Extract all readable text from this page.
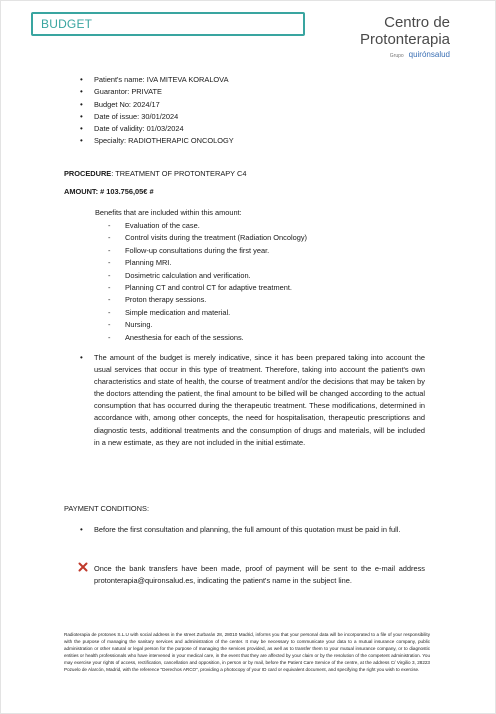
BUDGET	Centro de
Protonterapia
Grupo quirónsalud
• Patient's name: IVA MITEVA KORALOVA
• Guarantor: PRIVATE
• Budget No: 2024/17
• Date of issue: 30/01/2024
• Date of validity: 01/03/2024
• Specialty: RADIOTHERAPIC ONCOLOGY
PROCEDURE: TREATMENT OF PROTONTERAPY C4
AMOUNT: # 103.756,05€ #
Benefits that are included within this amount:
- Evaluation of the case.
- Control visits during the treatment (Radiation Oncology)
- Follow-up consultations during the first year.
- Planning MRI.
- Dosimetric calculation and verification.
- Planning CT and control CT for adaptive treatment.
- Proton therapy sessions.
- Simple medication and material.
- Nursing.
- Anesthesia for each of the sessions.
• The amount of the budget is merely indicative, since it has been prepared taking into account the usual services that occur in this type of treatment. Therefore, taking into account the patient's own characteristics and state of health, the course of treatment and/or the decisions that may be taken by the doctors attending the patient, the final amount to be billed will be changed according to the actual consumption that has occurred during the therapeutic treatment. These modifications, determined in accordance with, among other concepts, the need for hospitalisation, therapeutic prescriptions and diagnostic tests, additional treatments and the consumption of drugs and materials, will be included in a new estimate, as they are not included in the initial estimate.

PAYMENT CONDITIONS:
• Before the first consultation and planning, the full amount of this quotation must be paid in full.

Once the bank transfers have been made, proof of payment will be sent to the e-mail address protonterapia@quironsalud.es, indicating the patient's name in the subject line.

Radioterapia de protones S.L.U with social address in the street Zurbarán 28, 28010 Madrid, informs you that your personal data will be incorporated to a file of your responsibility with the purpose of managing the sanitary services and administration of the center. It may be necessary to communicate your data to a mutual insurance company, public administration or other natural or legal person for the purpose of managing the services provided, as well as to transfer them to your mutual insurance company, or to diagnostic entities or health professionals who have intervened in your medical care, in the event that they are affected by your claim or by the resolution of the competent administration. You may exercise your rights of access, rectification, cancellation and opposition, in person or by mail, before the Patient Care Service of the centre, at the address C/ Virgilio 3, 28223 Pozuelo de Alarcón, Madrid, with the reference "Derechos ARCO", providing a photocopy of your ID card or equivalent document, and specifying the right you wish to exercise.
